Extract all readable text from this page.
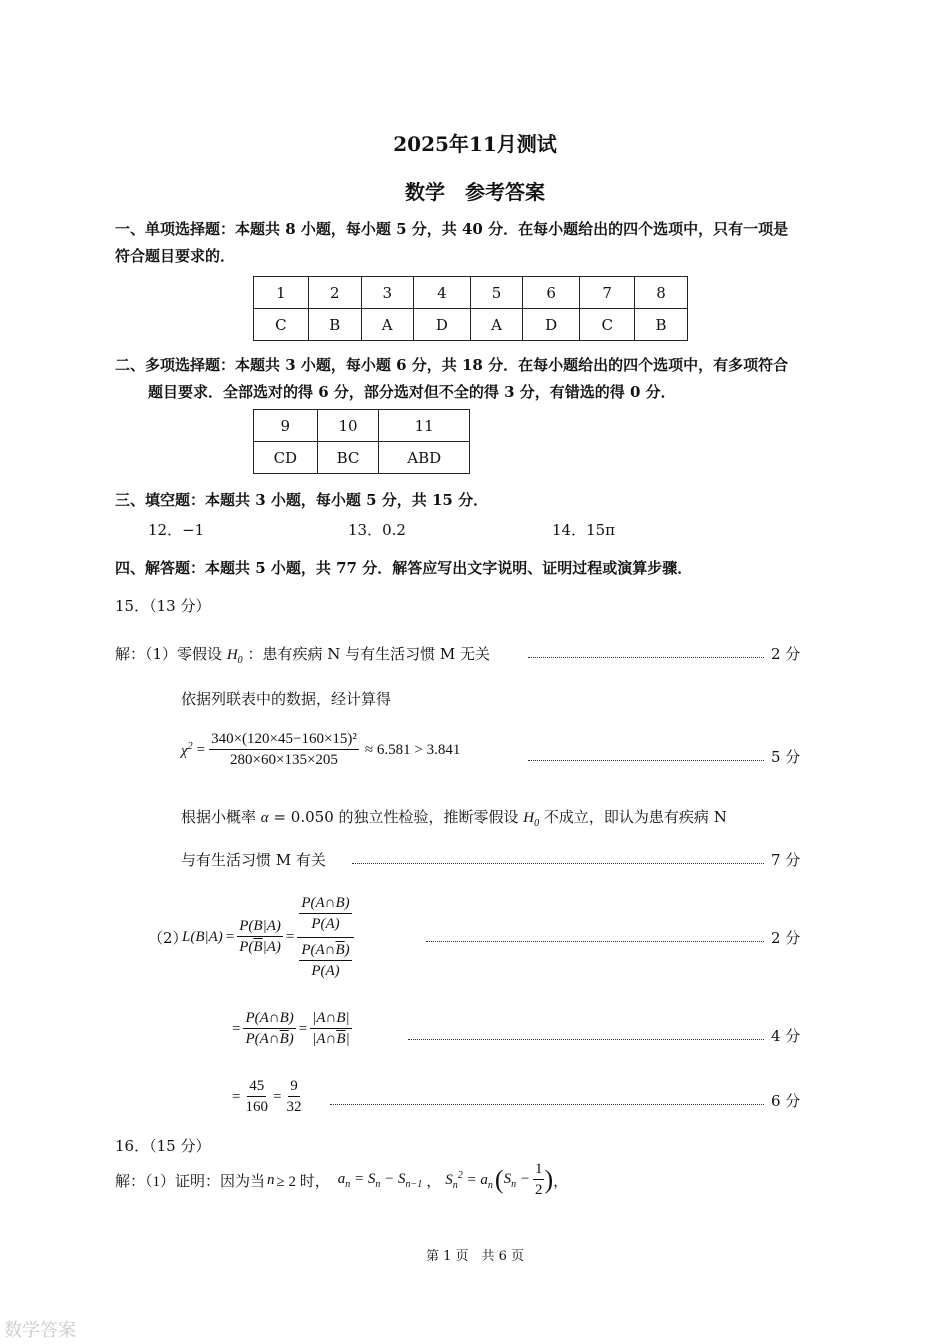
2025年11月测试
数学　参考答案
一、单项选择题：本题共 8 小题，每小题 5 分，共 40 分．在每小题给出的四个选项中，只有一项是
符合题目要求的．
1	2	3	4	5	6	7	8
C	B	A	D	A	D	C	B
二、多项选择题：本题共 3 小题，每小题 6 分，共 18 分．在每小题给出的四个选项中，有多项符合
题目要求．全部选对的得 6 分，部分选对但不全的得 3 分，有错选的得 0 分．
9	10	11
CD	BC	ABD
三、填空题：本题共 3 小题，每小题 5 分，共 15 分．
12．−1	13．0.2	14．15π
四、解答题：本题共 5 小题，共 77 分．解答应写出文字说明、证明过程或演算步骤．
15．（13 分）
解：（1）零假设 $H_0$ ：患有疾病 N 与有生活习惯 M 无关	2 分
依据列联表中的数据，经计算得
$\chi^2 = \frac{\text{340×(120×45−160×15)²}}{280\times 60\times 135\times 205} \approx 6.581 > 3.841$	5 分
根据小概率 α = 0.050 的独立性检验，推断零假设 $H_0$ 不成立，即认为患有疾病 N
与有生活习惯 M 有关	7 分
（2）
$L(B|A) = \frac{P(B|A)}{P(\overline{B}|A)} = \frac{\frac{P(A\cap B)}{P(A)}}{\frac{P(A\cap\overline{B})}{P(A)}}$	2 分
= $\frac{P(A\cap B)}{P(A\cap\overline{B})} = \frac{|A\cap B|}{|A\cap\overline{B}|}$	4 分
= $\frac{45}{160} = \frac{9}{32}$	6 分
16．（15 分）
解：（1）证明：因为当 n ≥ 2 时， $a_n = S_n - S_{n-1}$ ， $S_n^2 = a_n$ ( $S_n - \frac{1}{2}$ ) ，
第 1 页　共 6 页
数学答案
